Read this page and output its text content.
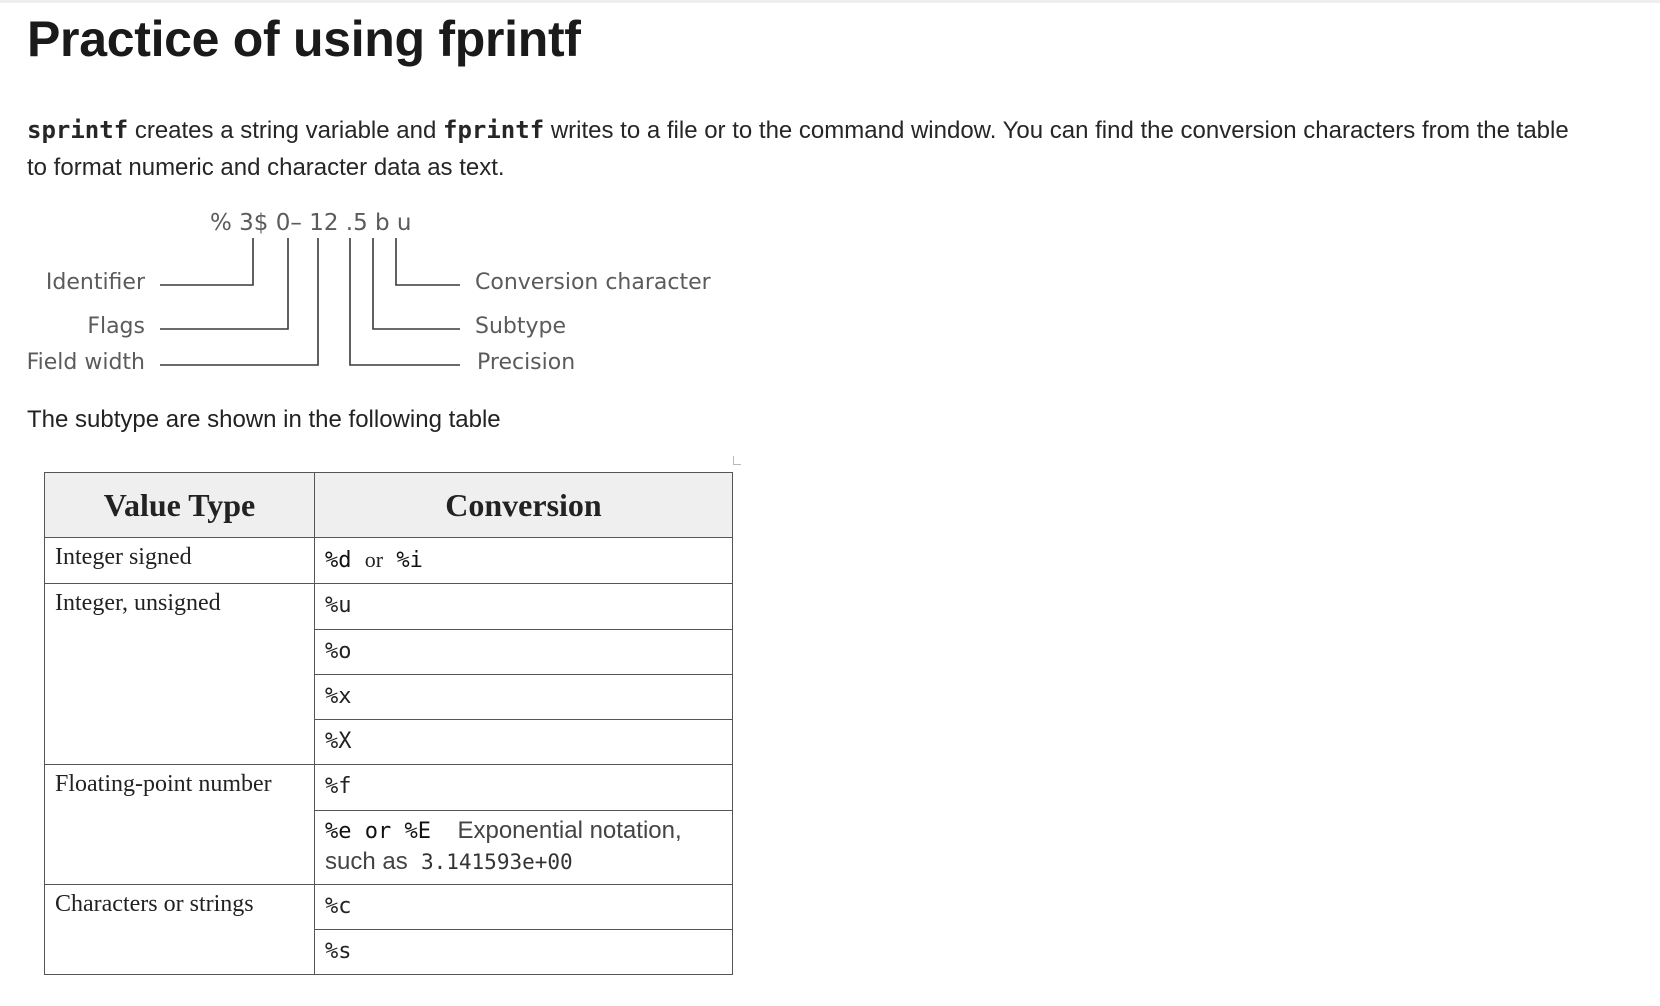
Practice of using fprintf

sprintf creates a string variable and fprintf writes to a file or to the command window. You can find the conversion characters from the table to format numeric and character data as text.

% 3$ 0– 12 .5 b u
Identifier
Flags
Field width
Conversion character
Subtype
Precision

The subtype are shown in the following table

Value Type	Conversion
Integer signed	%d or %i
Integer, unsigned	%u
	%o
	%x
	%X
Floating-point number	%f
	%e or %E Exponential notation,
such as 3.141593e+00
Characters or strings	%c
	%s
